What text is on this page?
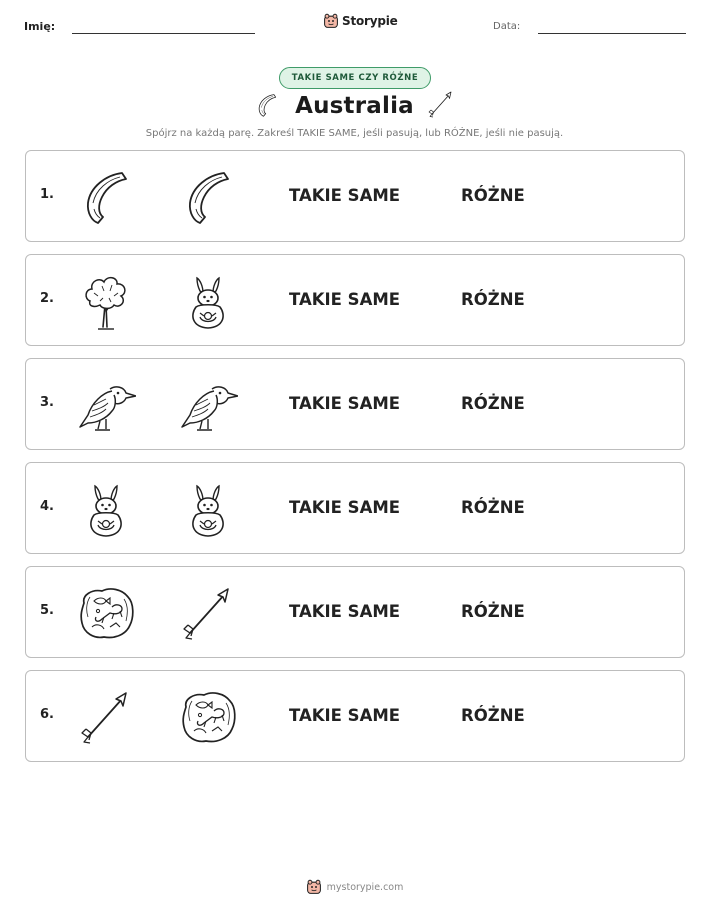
Imię:	Storypie	Data:
TAKIE SAME CZY RÓŻNE
Australia
Spójrz na każdą parę. Zakreśl TAKIE SAME, jeśli pasują, lub RÓŻNE, jeśli nie pasują.
1.	TAKIE SAME	RÓŻNE
2.	TAKIE SAME	RÓŻNE
3.	TAKIE SAME	RÓŻNE
4.	TAKIE SAME	RÓŻNE
5.	TAKIE SAME	RÓŻNE
6.	TAKIE SAME	RÓŻNE
mystorypie.com
